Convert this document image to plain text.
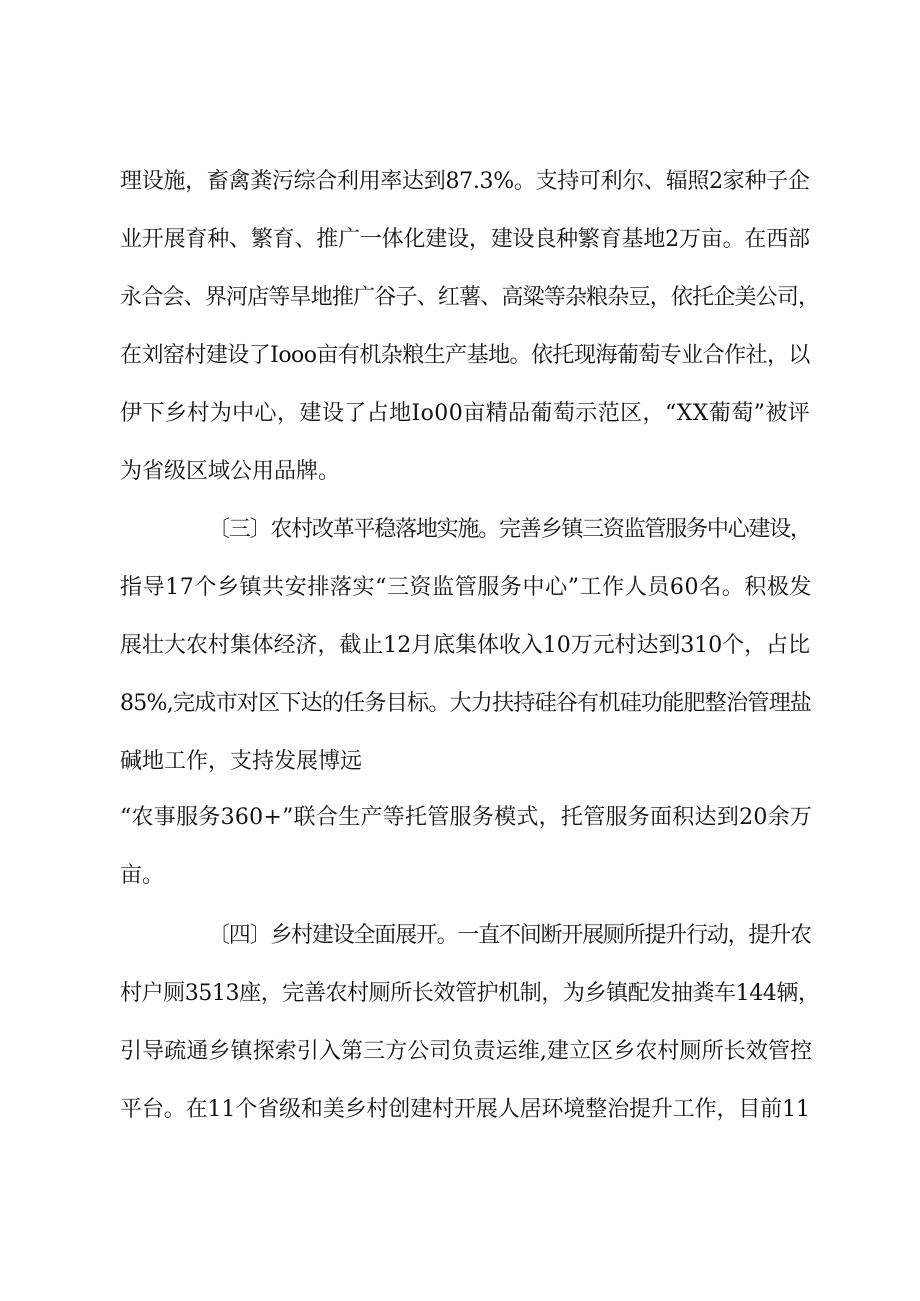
理设施，畜禽粪污综合利用率达到87.3%。支持可利尔、辐照2家种子企
业开展育种、繁育、推广一体化建设，建设良种繁育基地2万亩。在西部
永合会、界河店等旱地推广谷子、红薯、高粱等杂粮杂豆，依托企美公司，
在刘窑村建设了Iooo亩有机杂粮生产基地。依托现海葡萄专业合作社，以
伊下乡村为中心，建设了占地Io00亩精品葡萄示范区，“XX葡萄”被评
为省级区域公用品牌。
〔三〕农村改革平稳落地实施。完善乡镇三资监管服务中心建设，
指导17个乡镇共安排落实“三资监管服务中心”工作人员60名。积极发
展壮大农村集体经济，截止12月底集体收入10万元村达到310个，占比
85%,完成市对区下达的任务目标。大力扶持硅谷有机硅功能肥整治管理盐
碱地工作，支持发展博远
“农事服务360+”联合生产等托管服务模式，托管服务面积达到20余万
亩。
〔四〕乡村建设全面展开。一直不间断开展厕所提升行动，提升农
村户厕3513座，完善农村厕所长效管护机制，为乡镇配发抽粪车144辆，
引导疏通乡镇探索引入第三方公司负责运维,建立区乡农村厕所长效管控
平台。在11个省级和美乡村创建村开展人居环境整治提升工作，目前11
